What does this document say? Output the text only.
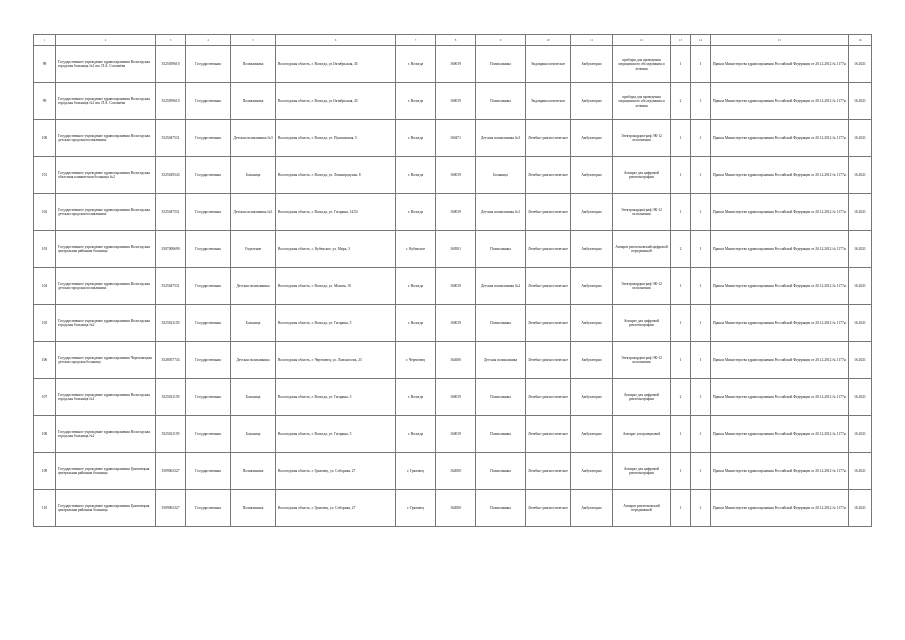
1	2	3	4	5	6	7	8	9	10	11	12	13	14	15	16	
98	Государственное учреждение здравоохранения Вологодская городская больница №1 им. П.А. Соловьёва	3525059610	Государственная	Поликлиника	Вологодская область, г. Вологда, ул.Октябрьская, 45	г. Вологда	160019	Поликлиника	Эндокринологическое	Амбулаторно	приборы для проведения медицинского обследования и лечения	1	1	Приказ Министерства здравоохранения Российской Федерации от 20.12.2012 № 1177н	16.2021	
99	Государственное учреждение здравоохранения Вологодская городская больница №1 им. П.А. Соловьёва	3525059610	Государственная	Поликлиника	Вологодская область, г. Вологда, ул.Октябрьская, 45	г. Вологда	160019	Поликлиника	Эндокринологическое	Амбулаторно	приборы для проведения медицинского обследования и лечения	2	1	Приказ Министерства здравоохранения Российской Федерации от 20.12.2012 № 1177н	16.2021	
100	Государственное учреждение здравоохранения Вологодская детская городская поликлиника	3525047531	Государственная	Детская поликлиника №3	Вологодская область, г. Вологда, ул. Пушкинская, 5	г. Вологда	160471	Детская поликлиника №3	Лечебно-диагностическое	Амбулаторно	Электрокардиограф ЭК-12 исполнения	1	1	Приказ Министерства здравоохранения Российской Федерации от 20.12.2012 № 1177н	16.2021	
101	Государственное учреждение здравоохранения Вологодская областная клиническая больница №2	3525029543	Государственная	Больница	Вологодская область, г. Вологда, ул. Ленинградская, 8	г. Вологда	160019	Больница	Лечебно-диагностическое	Амбулаторно	Аппарат для цифровой рентгенографии	1	1	Приказ Министерства здравоохранения Российской Федерации от 20.12.2012 № 1177н	16.2021	
102	Государственное учреждение здравоохранения Вологодская детская городская поликлиника	3525047531	Государственная	Детская поликлиника №1	Вологодская область, г. Вологда, ул. Гагарина, 14/52	г. Вологда	160019	Детская поликлиника №1	Лечебно-диагностическое	Амбулаторно	Электрокардиограф ЭК-12 исполнения	1	1	Приказ Министерства здравоохранения Российской Федерации от 20.12.2012 № 1177н	16.2021	
103	Государственное учреждение здравоохранения Вологодская центральная районная больница	3507008690	Государственная	Отделение	Вологодская область, с. Кубенское, ул. Мира, 3	с. Кубенское	160501	Поликлиника	Лечебно-диагностическое	Амбулаторно	Аппарат рентгеновский цифровой передвижной	2	1	Приказ Министерства здравоохранения Российской Федерации от 20.12.2012 № 1177н	16.2021	
104	Государственное учреждение здравоохранения Вологодская детская городская поликлиника	3525047531	Государственная	Детская поликлиника	Вологодская область, г. Вологда, ул. Мохова, 10	г. Вологда	160019	Детская поликлиника №2	Лечебно-диагностическое	Амбулаторно	Электрокардиограф ЭК-12 исполнения	1	1	Приказ Министерства здравоохранения Российской Федерации от 20.12.2012 № 1177н	16.2021	
105	Государственное учреждение здравоохранения Вологодская городская больница №2	3525021159	Государственная	Больница	Вологодская область, г. Вологда, ул. Гагарина, 5	г. Вологда	160019	Поликлиника	Лечебно-диагностическое	Амбулаторно	Аппарат для цифровой рентгенографии	1	1	Приказ Министерства здравоохранения Российской Федерации от 20.12.2012 № 1177н	16.2021	
106	Государственное учреждение здравоохранения Череповецкая детская городская больница	3528057743	Государственная	Детская поликлиника	Вологодская область, г. Череповец, ул. Ломоносова, 23	г. Череповец	162600	Детская поликлиника	Лечебно-диагностическое	Амбулаторно	Электрокардиограф ЭК-12 исполнения	1	1	Приказ Министерства здравоохранения Российской Федерации от 20.12.2012 № 1177н	16.2021	
107	Государственное учреждение здравоохранения Вологодская городская больница №1	3525021159	Государственная	Больница	Вологодская область, г. Вологда, ул. Гагарина, 3	г. Вологда	160019	Поликлиника	Лечебно-диагностическое	Амбулаторно	Аппарат для цифровой рентгенографии	2	1	Приказ Министерства здравоохранения Российской Федерации от 20.12.2012 № 1177н	16.2021	
108	Государственное учреждение здравоохранения Вологодская городская больница №2	3525021159	Государственная	Больница	Вологодская область, г. Вологда, ул. Гагарина, 5	г. Вологда	160019	Поликлиника	Лечебно-диагностическое	Амбулаторно	Аппарат ультразвуковой	1	1	Приказ Министерства здравоохранения Российской Федерации от 20.12.2012 № 1177н	16.2021	
109	Государственное учреждение здравоохранения Грязовецкая центральная районная больница	3509002327	Государственная	Поликлиника	Вологодская область, г. Грязовец, ул. Соборная, 27	г. Грязовец	162000	Поликлиника	Лечебно-диагностическое	Амбулаторно	Аппарат для цифровой рентгенографии	1	1	Приказ Министерства здравоохранения Российской Федерации от 20.12.2012 № 1177н	16.2021	
110	Государственное учреждение здравоохранения Грязовецкая центральная районная больница	3509002327	Государственная	Поликлиника	Вологодская область, г. Грязовец, ул. Соборная, 27	г. Грязовец	162000	Поликлиника	Лечебно-диагностическое	Амбулаторно	Аппарат рентгеновский передвижной	1	1	Приказ Министерства здравоохранения Российской Федерации от 20.12.2012 № 1177н	16.2021	
